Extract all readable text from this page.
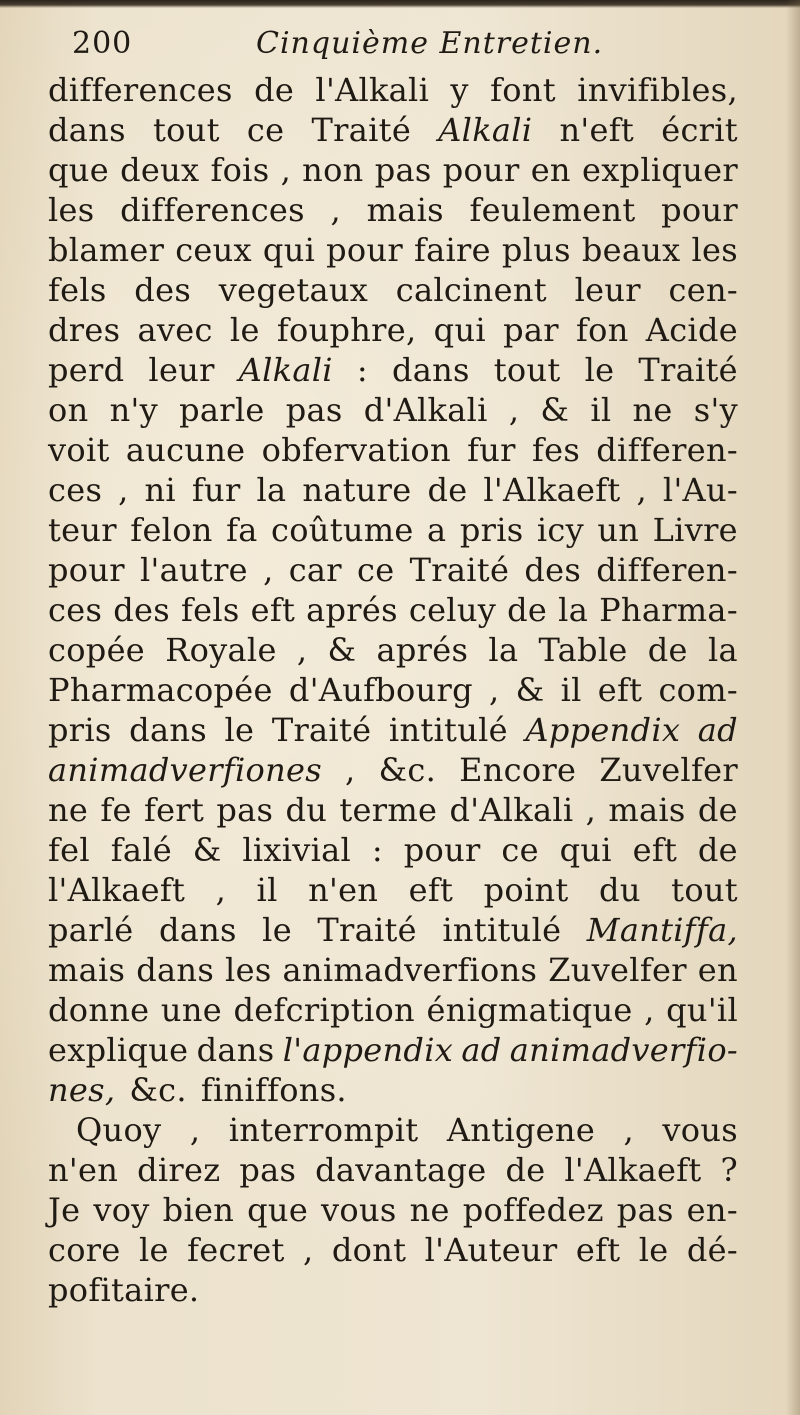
200	Cinquième Entretien.
differences de l'Alkali y font invifibles,
dans tout ce Traité Alkali n'eft écrit
que deux fois , non pas pour en expliquer
les differences , mais feulement pour
blamer ceux qui pour faire plus beaux les
fels des vegetaux calcinent leur cen-
dres avec le fouphre, qui par fon Acide
perd leur Alkali : dans tout le Traité
on n'y parle pas d'Alkali , & il ne s'y
voit aucune obfervation fur fes differen-
ces , ni fur la nature de l'Alkaeft , l'Au-
teur felon fa coûtume a pris icy un Livre
pour l'autre , car ce Traité des differen-
ces des fels eft aprés celuy de la Pharma-
copée Royale , & aprés la Table de la
Pharmacopée d'Aufbourg , & il eft com-
pris dans le Traité intitulé Appendix ad
animadverfiones , &c. Encore Zuvelfer
ne fe fert pas du terme d'Alkali , mais de
fel falé & lixivial : pour ce qui eft de
l'Alkaeft , il n'en eft point du tout
parlé dans le Traité intitulé Mantiffa,
mais dans les animadverfions Zuvelfer en
donne une defcription énigmatique , qu'il
explique dans l'appendix ad animadverfio-
nes, &c. finiffons.
Quoy , interrompit Antigene , vous
n'en direz pas davantage de l'Alkaeft ?
Je voy bien que vous ne poffedez pas en-
core le fecret , dont l'Auteur eft le dé-
pofitaire.
